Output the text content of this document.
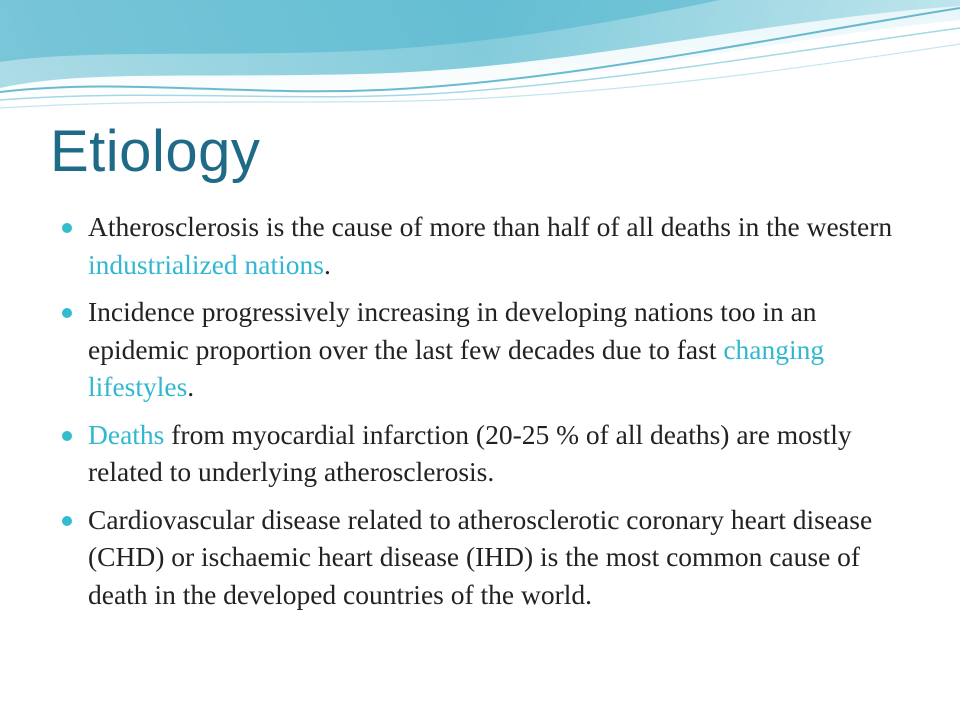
Etiology
Atherosclerosis is the cause of more than half of all deaths in the western industrialized nations.
Incidence progressively increasing in developing nations too in an epidemic proportion over the last few decades due to fast changing lifestyles.
Deaths from myocardial infarction (20-25 % of all deaths) are mostly related to underlying atherosclerosis.
Cardiovascular disease related to atherosclerotic coronary heart disease (CHD) or ischaemic heart disease (IHD) is the most common cause of death in the developed countries of the world.
